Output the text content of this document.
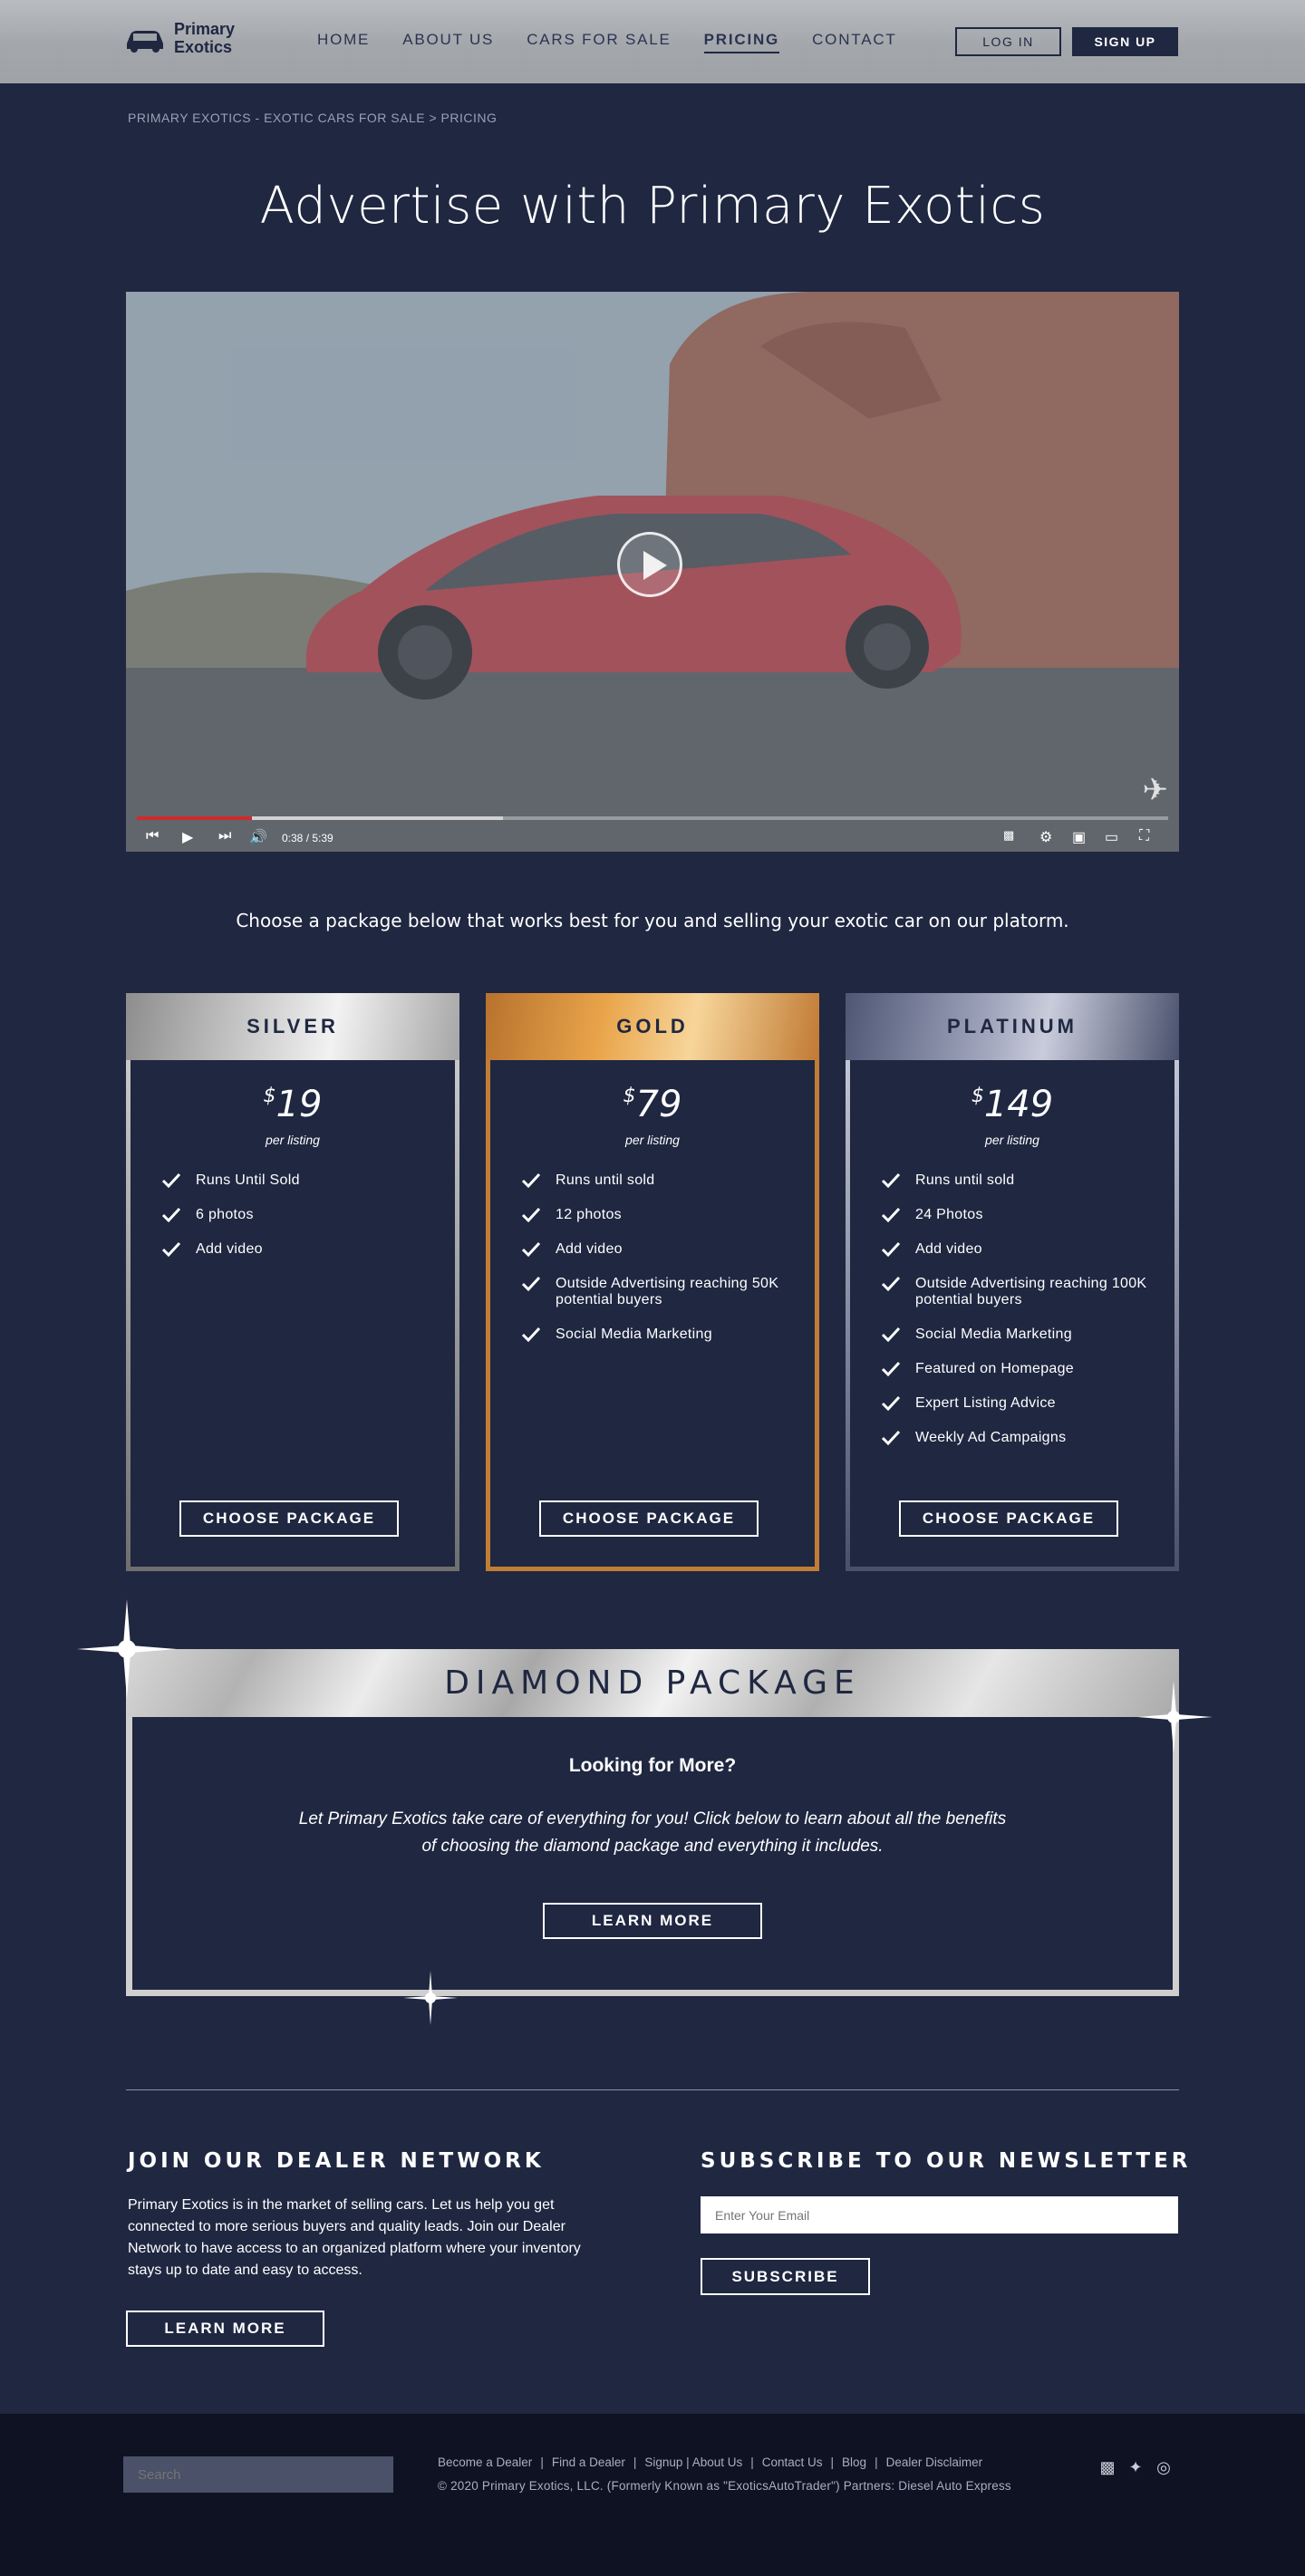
Primary
Exotics	HOME ABOUT US CARS FOR SALE PRICING CONTACT	LOG IN	SIGN UP
PRIMARY EXOTICS - EXOTIC CARS FOR SALE > PRICING
Advertise with Primary Exotics
✈
⏮ ▶ ⏭ 🔊 0:38 / 5:39	▩ ⚙ ▣ ▭ ⛶

Choose a package below that works best for you and selling your exotic car on our platorm.

SILVER
$19
per listing
Runs Until Sold
6 photos
Add video
CHOOSE PACKAGE
GOLD
$79
per listing
Runs until sold
12 photos
Add video
Outside Advertising reaching 50K potential buyers
Social Media Marketing
CHOOSE PACKAGE
PLATINUM
$149
per listing
Runs until sold
24 Photos
Add video
Outside Advertising reaching 100K potential buyers
Social Media Marketing
Featured on Homepage
Expert Listing Advice
Weekly Ad Campaigns
CHOOSE PACKAGE
DIAMOND PACKAGE
Looking for More?
Let Primary Exotics take care of everything for you! Click below to learn about all the benefits of choosing the diamond package and everything it includes.
LEARN MORE
JOIN OUR DEALER NETWORK

Primary Exotics is in the market of selling cars. Let us help you get connected to more serious buyers and quality leads. Join our Dealer Network to have access to an organized platform where your inventory stays up to date and easy to access.

LEARN MORE
SUBSCRIBE TO OUR NEWSLETTER
Enter Your Email
SUBSCRIBE
Search
Become a Dealer | Find a Dealer | Signup | About Us | Contact Us | Blog | Dealer Disclaimer
© 2020 Primary Exotics, LLC. (Formerly Known as "ExoticsAutoTrader") Partners: Diesel Auto Express
▩ ✦ ◎
